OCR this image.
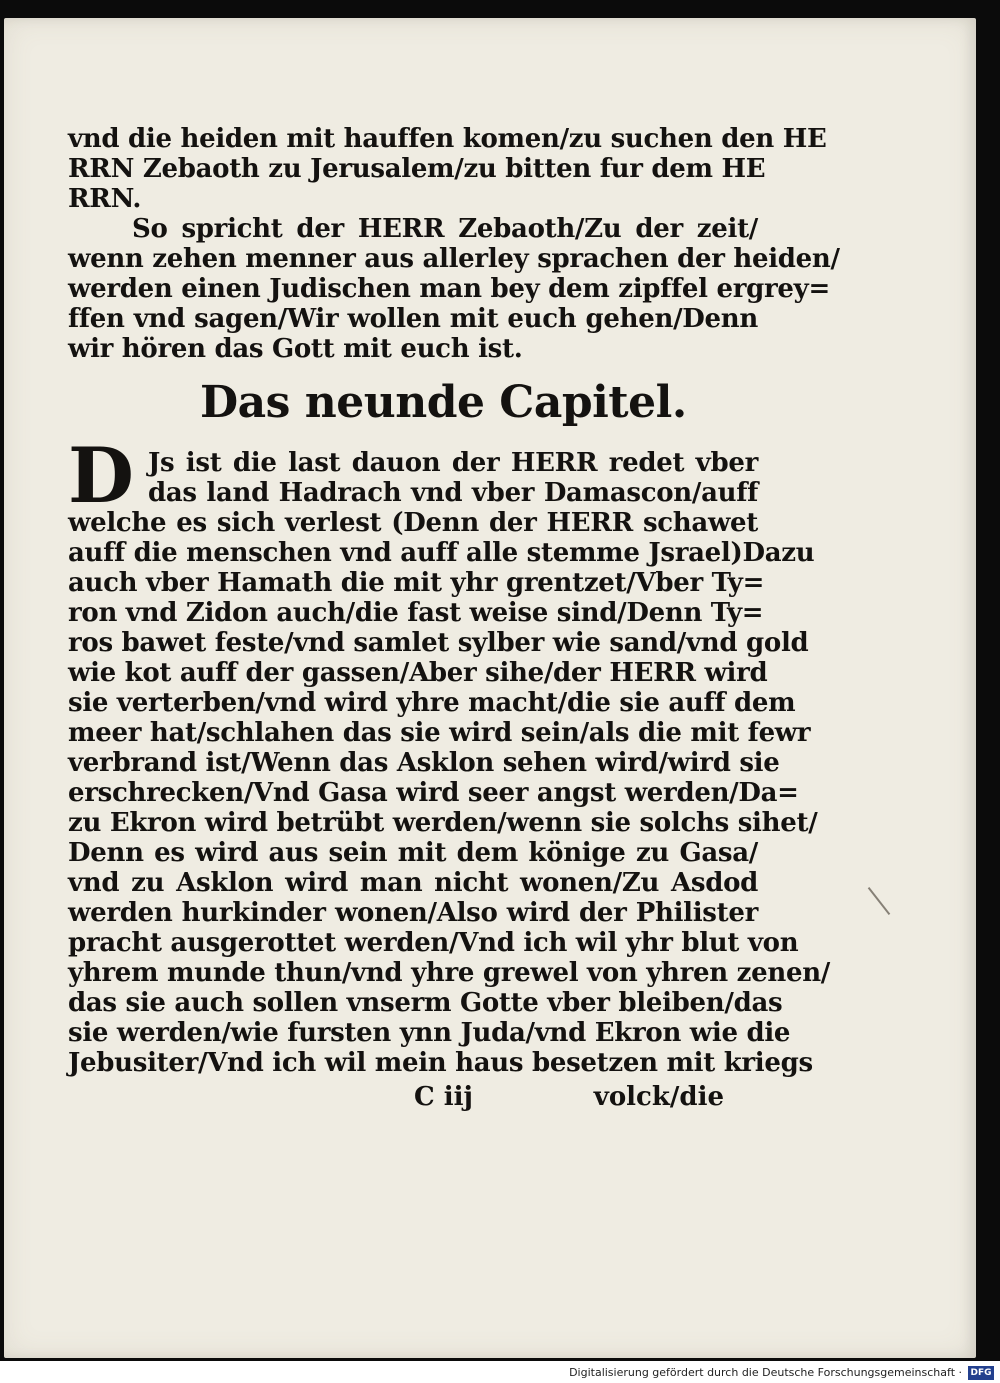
vnd die heiden mit hauffen komen/zu suchen den HE
RRN Zebaoth zu Jerusalem/zu bitten fur dem HE
RRN.
So spricht der HERR Zebaoth/Zu der zeit/
wenn zehen menner aus allerley sprachen der heiden/
werden einen Judischen man bey dem zipffel ergrey=
ffen vnd sagen/Wir wollen mit euch gehen/Denn
wir hören das Gott mit euch ist.
Das neunde Capitel.
D Js ist die last dauon der HERR redet vber
das land Hadrach vnd vber Damascon/auff
welche es sich verlest (Denn der HERR schawet
auff die menschen vnd auff alle stemme Jsrael)Dazu
auch vber Hamath die mit yhr grentzet/Vber Ty=
ron vnd Zidon auch/die fast weise sind/Denn Ty=
ros bawet feste/vnd samlet sylber wie sand/vnd gold
wie kot auff der gassen/Aber sihe/der HERR wird
sie verterben/vnd wird yhre macht/die sie auff dem
meer hat/schlahen das sie wird sein/als die mit fewr
verbrand ist/Wenn das Asklon sehen wird/wird sie
erschrecken/Vnd Gasa wird seer angst werden/Da=
zu Ekron wird betrübt werden/wenn sie solchs sihet/
Denn es wird aus sein mit dem könige zu Gasa/
vnd zu Asklon wird man nicht wonen/Zu Asdod
werden hurkinder wonen/Also wird der Philister
pracht ausgerottet werden/Vnd ich wil yhr blut von
yhrem munde thun/vnd yhre grewel von yhren zenen/
das sie auch sollen vnserm Gotte vber bleiben/das
sie werden/wie fursten ynn Juda/vnd Ekron wie die
Jebusiter/Vnd ich wil mein haus besetzen mit kriegs
C iij	volck/die
Digitalisierung gefördert durch die Deutsche Forschungsgemeinschaft · DFG
